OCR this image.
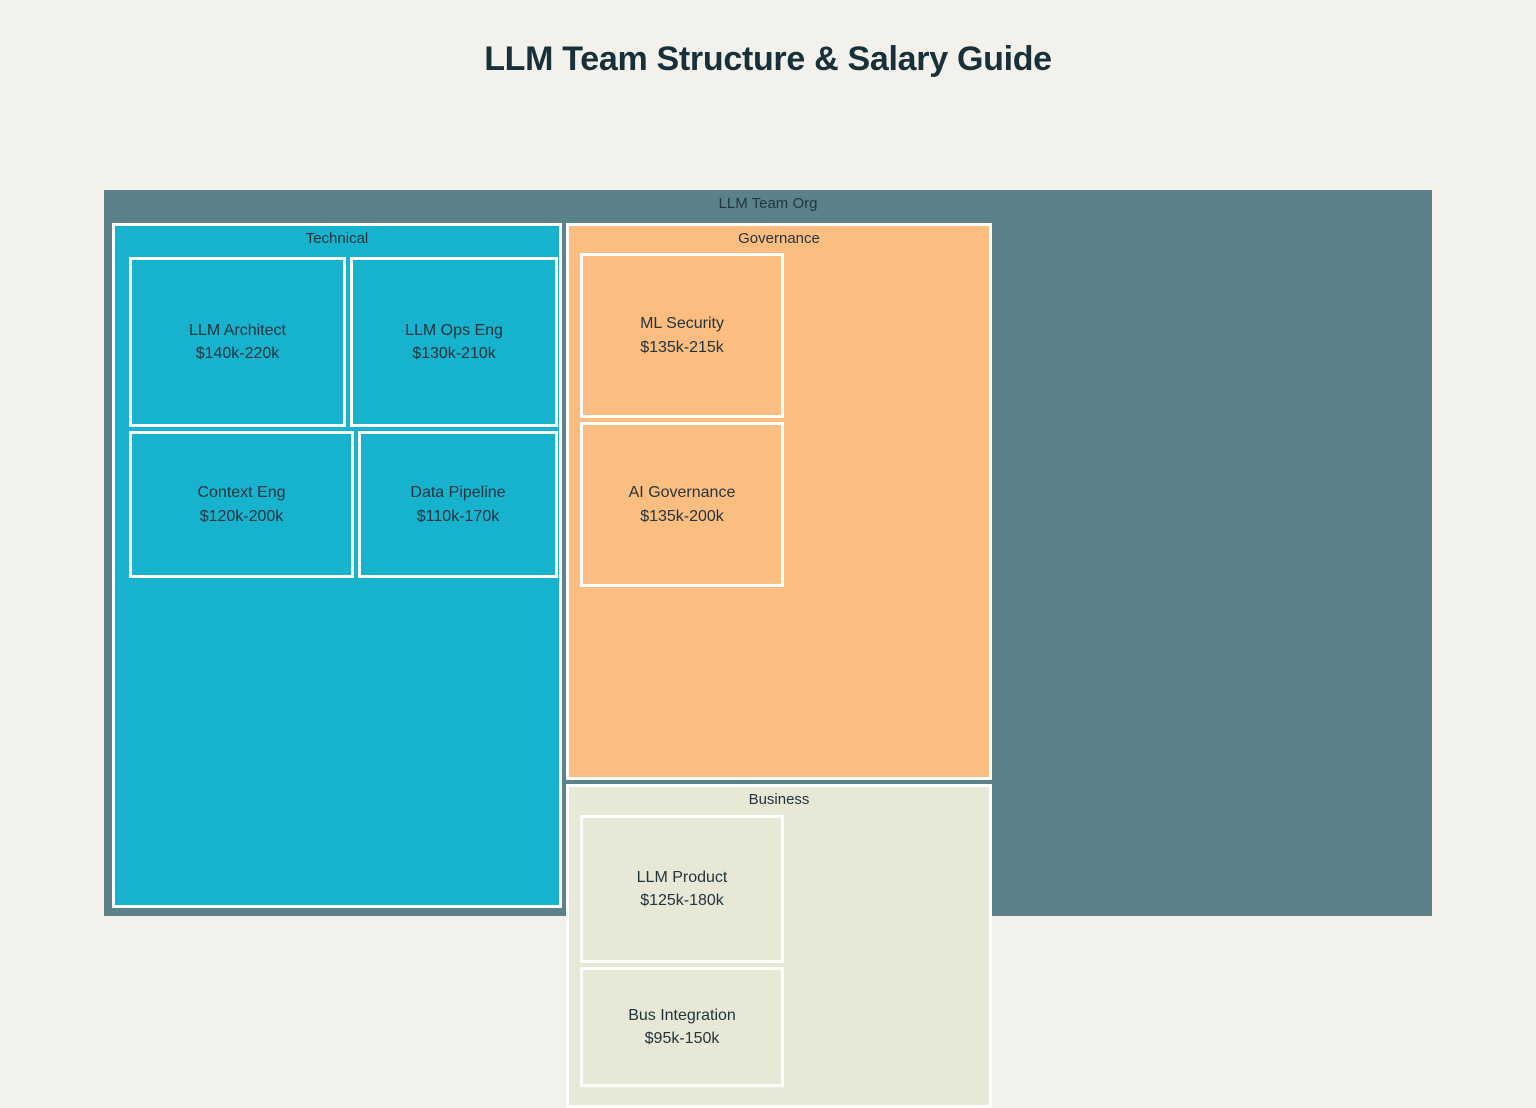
LLM Team Structure & Salary Guide
LLM Team Org
Technical
LLM Architect
$140k-220k
LLM Ops Eng
$130k-210k
Context Eng
$120k-200k
Data Pipeline
$110k-170k
Governance
ML Security
$135k-215k
AI Governance
$135k-200k
Business
LLM Product
$125k-180k
Bus Integration
$95k-150k
